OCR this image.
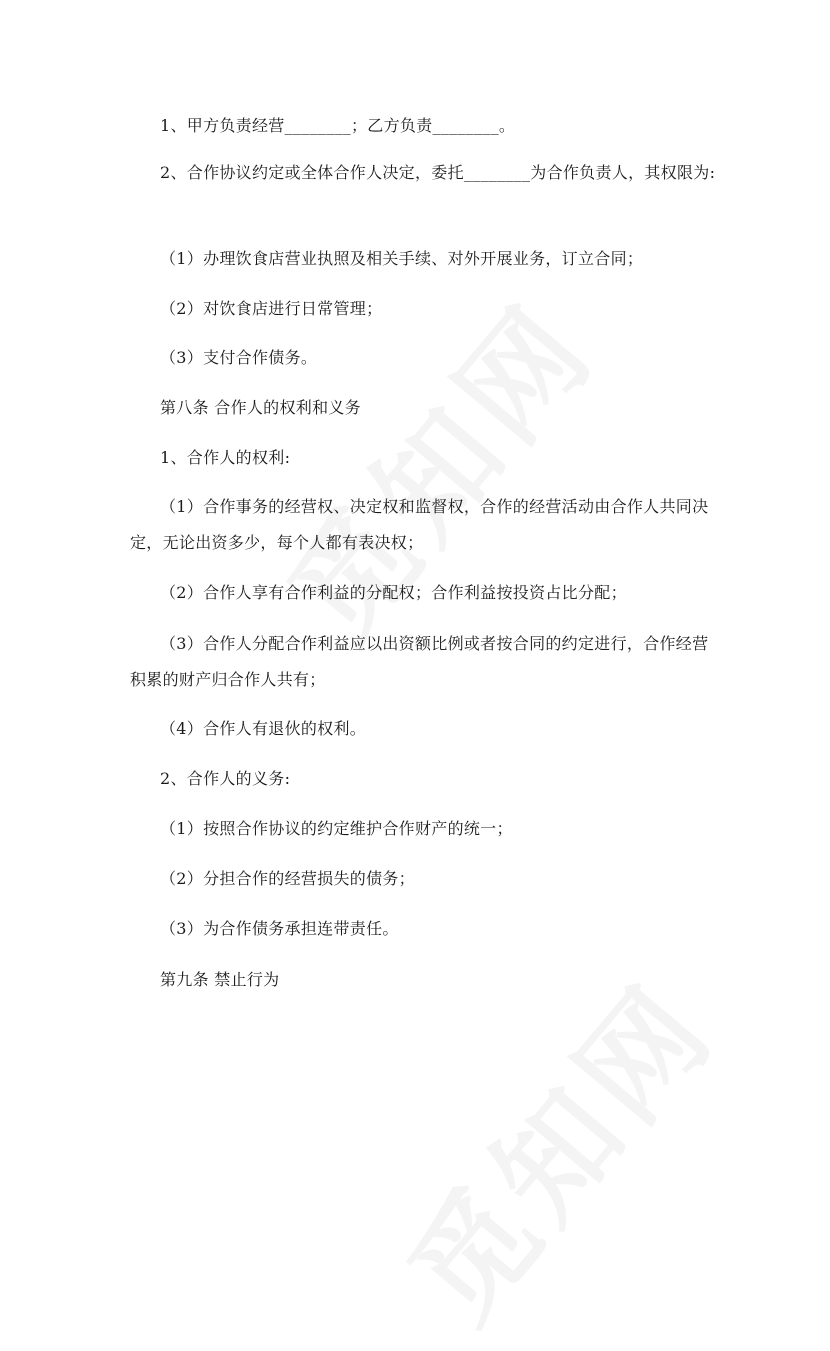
1、甲方负责经营________；乙方负责________。
2、合作协议约定或全体合作人决定，委托________为合作负责人，其权限为:
（1）办理饮食店营业执照及相关手续、对外开展业务，订立合同；
（2）对饮食店进行日常管理；
（3）支付合作债务。
第八条 合作人的权利和义务
1、合作人的权利:
（1）合作事务的经营权、决定权和监督权，合作的经营活动由合作人共同决定，无论出资多少，每个人都有表决权；
（2）合作人享有合作利益的分配权；合作利益按投资占比分配；
（3）合作人分配合作利益应以出资额比例或者按合同的约定进行，合作经营积累的财产归合作人共有；
（4）合作人有退伙的权利。
2、合作人的义务:
（1）按照合作协议的约定维护合作财产的统一；
（2）分担合作的经营损失的债务；
（3）为合作债务承担连带责任。
第九条 禁止行为
